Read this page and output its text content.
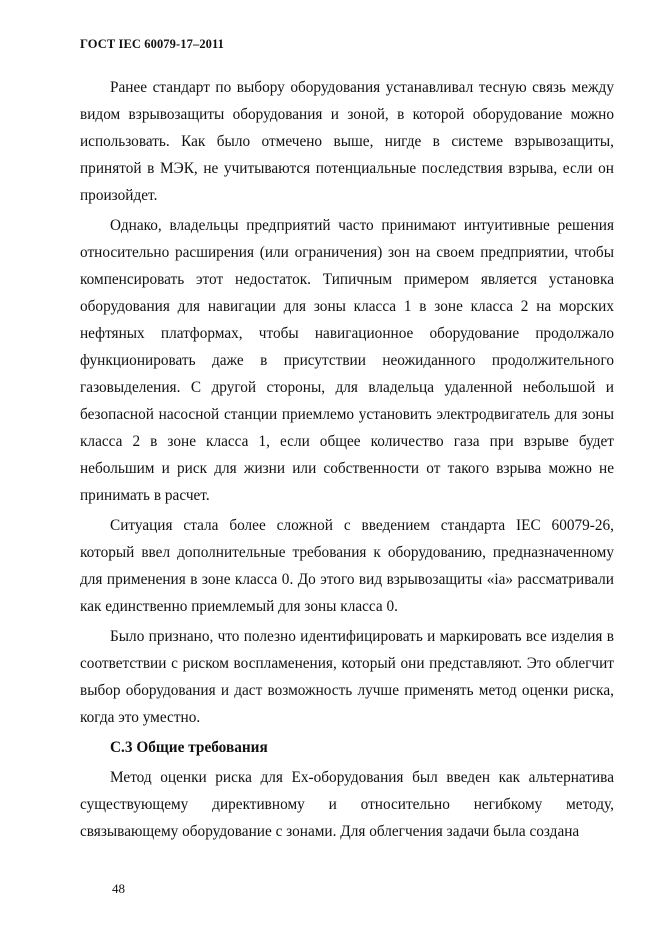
ГОСТ IEC 60079-17–2011

Ранее стандарт по выбору оборудования устанавливал тесную связь между видом взрывозащиты оборудования и зоной, в которой оборудование можно использовать. Как было отмечено выше, нигде в системе взрывозащиты, принятой в МЭК, не учитываются потенциальные последствия взрыва, если он произойдет.

Однако, владельцы предприятий часто принимают интуитивные решения относительно расширения (или ограничения) зон на своем предприятии, чтобы компенсировать этот недостаток. Типичным примером является установка оборудования для навигации для зоны класса 1 в зоне класса 2 на морских нефтяных платформах, чтобы навигационное оборудование продолжало функционировать даже в присутствии неожиданного продолжительного газовыделения. С другой стороны, для владельца удаленной небольшой и безопасной насосной станции приемлемо установить электродвигатель для зоны класса 2 в зоне класса 1, если общее количество газа при взрыве будет небольшим и риск для жизни или собственности от такого взрыва можно не принимать в расчет.

Ситуация стала более сложной с введением стандарта IEC 60079-26, который ввел дополнительные требования к оборудованию, предназначенному для применения в зоне класса 0. До этого вид взрывозащиты «ia» рассматривали как единственно приемлемый для зоны класса 0.

Было признано, что полезно идентифицировать и маркировать все изделия в соответствии с риском воспламенения, который они представляют. Это облегчит выбор оборудования и даст возможность лучше применять метод оценки риска, когда это уместно.

С.3 Общие требования

Метод оценки риска для Ex-оборудования был введен как альтернатива существующему директивному и относительно негибкому методу, связывающему оборудование с зонами. Для облегчения задачи была создана

48
